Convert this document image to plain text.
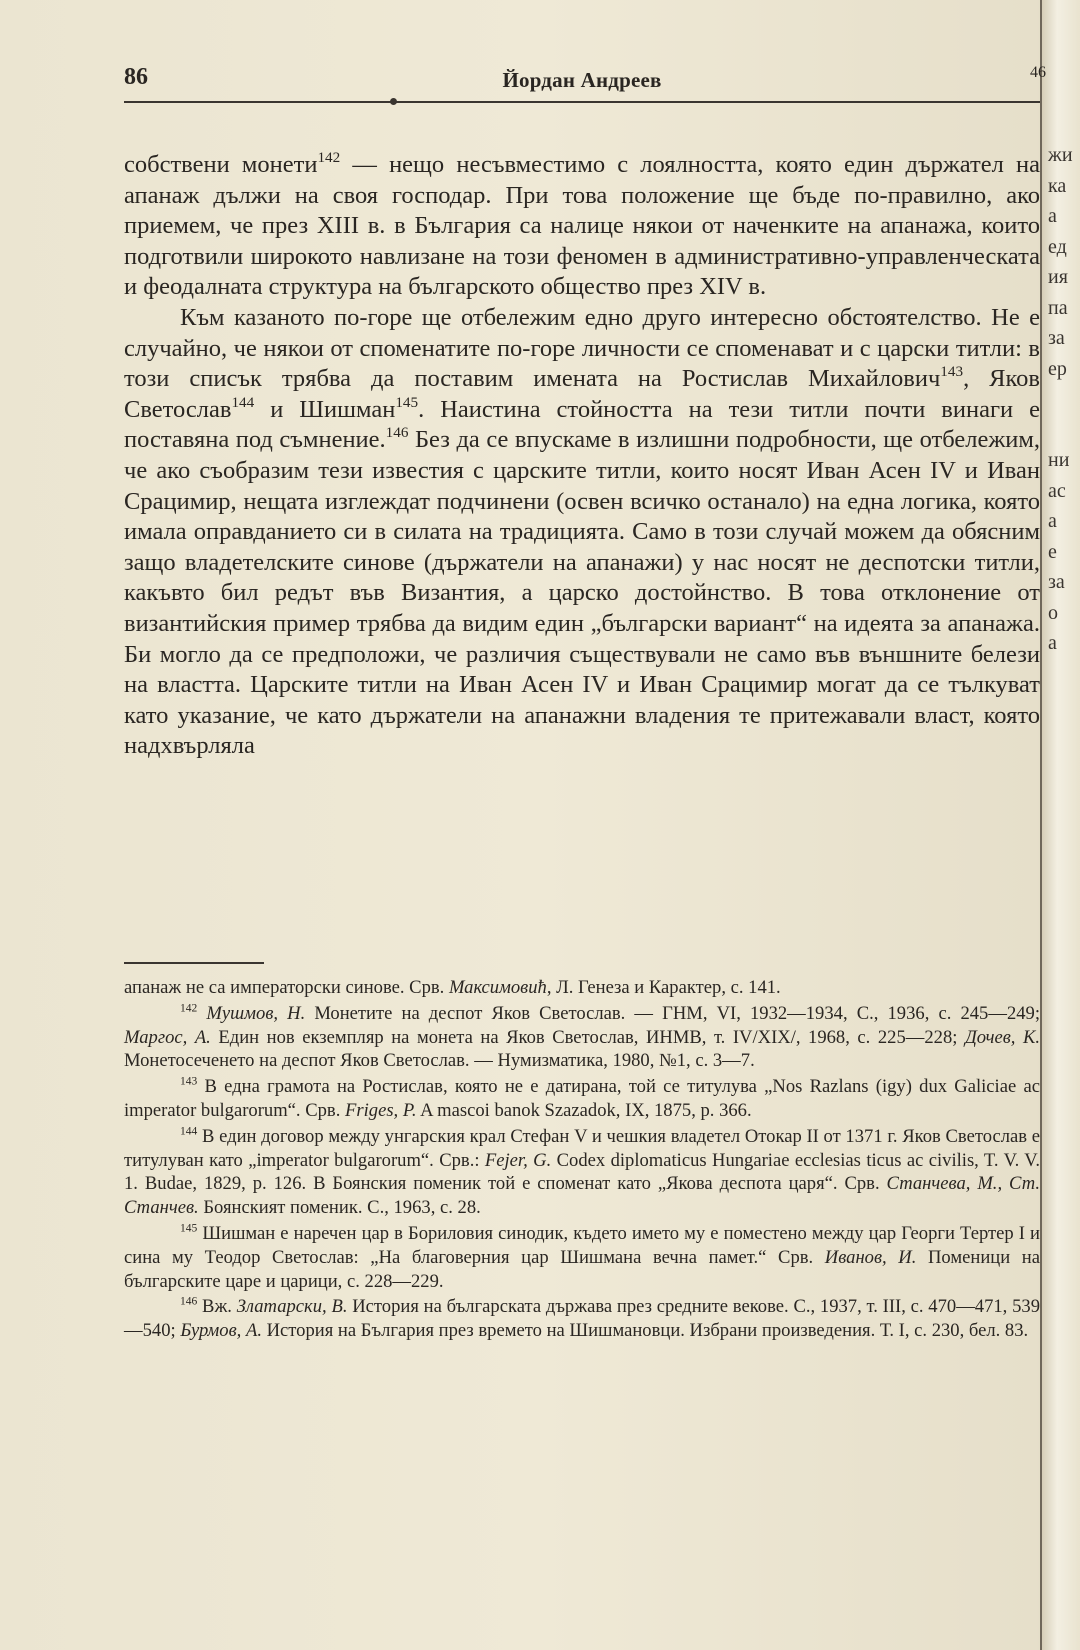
жи
ка
а
ед
ия
па
за
ер

ни
ас
а
е
за
о
а

86	Йордан Андреев	46

собствени монети$^{142}$ — нещо несъвместимо с лоялността, която един държател на апанаж дължи на своя господар. При това положение ще бъде по-правилно, ако приемем, че през XIII в. в България са налице някои от наченките на апанажа, които подготвили широкото навлизане на този феномен в административно-управленческата и феодалната структура на българското общество през XIV в.

Към казаното по-горе ще отбележим едно друго интересно обстоятелство. Не е случайно, че някои от споменатите по-горе личности се споменават и с царски титли: в този списък трябва да поставим имената на Ростислав Михайлович$^{143}$, Яков Светослав$^{144}$ и Шишман$^{145}$. Наистина стойността на тези титли почти винаги е поставяна под съмнение.$^{146}$ Без да се впускаме в излишни подробности, ще отбележим, че ако съобразим тези известия с царските титли, които носят Иван Асен IV и Иван Срацимир, нещата изглеждат подчинени (освен всичко останало) на една логика, която имала оправданието си в силата на традицията. Само в този случай можем да обясним защо владетелските синове (държатели на апанажи) у нас носят не деспотски титли, какъвто бил редът във Византия, а царско достойнство. В това отклонение от византийския пример трябва да видим един „български вариант“ на идеята за апанажа. Би могло да се предположи, че различия съществували не само във външните белези на властта. Царските титли на Иван Асен IV и Иван Срацимир могат да се тълкуват като указание, че като държатели на апанажни владения те притежавали власт, която надхвърляла

апанаж не са императорски синове. Срв. Максимовић, Л. Генеза и Карактер, с. 141.

$^{142}$ Мушмов, Н. Монетите на деспот Яков Светослав. — ГНМ, VI, 1932—1934, С., 1936, с. 245—249; Маргос, А. Един нов екземпляр на монета на Яков Светослав, ИНМВ, т. IV/XIX/, 1968, с. 225—228; Дочев, К. Монетосеченето на деспот Яков Светослав. — Нумизматика, 1980, №1, с. 3—7.

$^{143}$ В една грамота на Ростислав, която не е датирана, той се титулува „Nos Razlans (igy) dux Galiciae ac imperator bulgarorum“. Срв. Friges, P. A mascoi banok Szazadok, IX, 1875, p. 366.

$^{144}$ В един договор между унгарския крал Стефан V и чешкия владетел Отокар II от 1371 г. Яков Светослав е титулуван като „imperator bulgarorum“. Срв.: Fejer, G. Codex diplomaticus Hungariae ecclesias ticus ac civilis, T. V. V. 1. Budae, 1829, p. 126. В Боянския поменик той е споменат като „Якова деспота царя“. Срв. Станчева, М., Ст. Станчев. Боянският поменик. С., 1963, с. 28.

$^{145}$ Шишман е наречен цар в Бориловия синодик, където името му е поместено между цар Георги Тертер I и сина му Теодор Светослав: „На благоверния цар Шишмана вечна памет.“ Срв. Иванов, И. Поменици на българските царе и царици, с. 228—229.

$^{146}$ Вж. Златарски, В. История на българската държава през средните векове. С., 1937, т. III, с. 470—471, 539—540; Бурмов, А. История на България през времето на Шишмановци. Избрани произведения. Т. I, с. 230, бел. 83.
